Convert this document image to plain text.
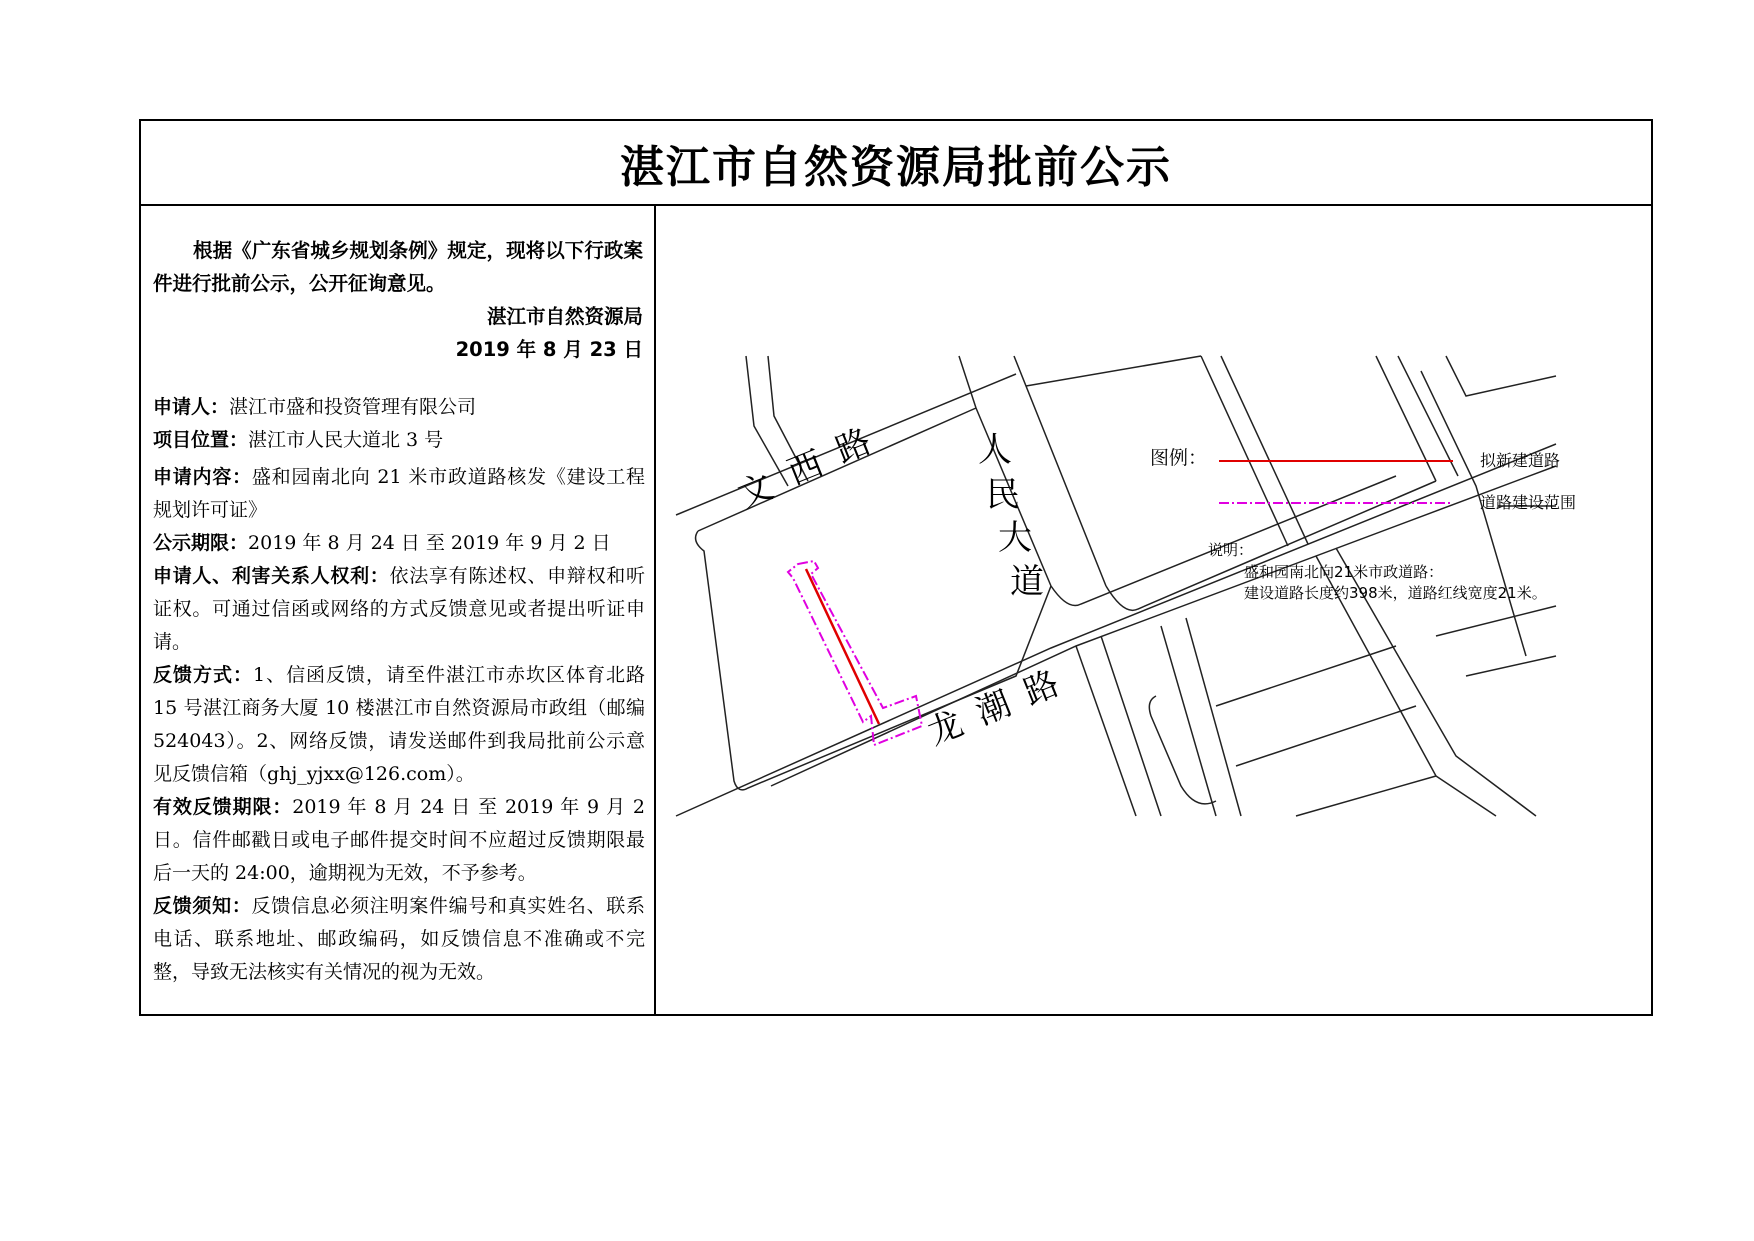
湛江市自然资源局批前公示
根据《广东省城乡规划条例》规定，现将以下行政案件进行批前公示，公开征询意见。
湛江市自然资源局
2019 年 8 月 23 日

申请人：湛江市盛和投资管理有限公司

项目位置：湛江市人民大道北 3 号

申请内容：盛和园南北向 21 米市政道路核发《建设工程规划许可证》

公示期限：2019 年 8 月 24 日 至 2019 年 9 月 2 日

申请人、利害关系人权利：依法享有陈述权、申辩权和听证权。可通过信函或网络的方式反馈意见或者提出听证申请。

反馈方式：1、信函反馈，请至件湛江市赤坎区体育北路 15 号湛江商务大厦 10 楼湛江市自然资源局市政组（邮编 524043）。2、网络反馈，请发送邮件到我局批前公示意见反馈信箱（ghj_yjxx@126.com）。

有效反馈期限：2019 年 8 月 24 日 至 2019 年 9 月 2 日。信件邮戳日或电子邮件提交时间不应超过反馈期限最后一天的 24:00，逾期视为无效，不予参考。

反馈须知：反馈信息必须注明案件编号和真实姓名、联系电话、联系地址、邮政编码，如反馈信息不准确或不完整，导致无法核实有关情况的视为无效。

文 西 路	人
民
大
道
龙 潮 路
图例：	拟新建道路
道路建设范围
说明：
盛和园南北向21米市政道路：
建设道路长度约398米，道路红线宽度21米。
